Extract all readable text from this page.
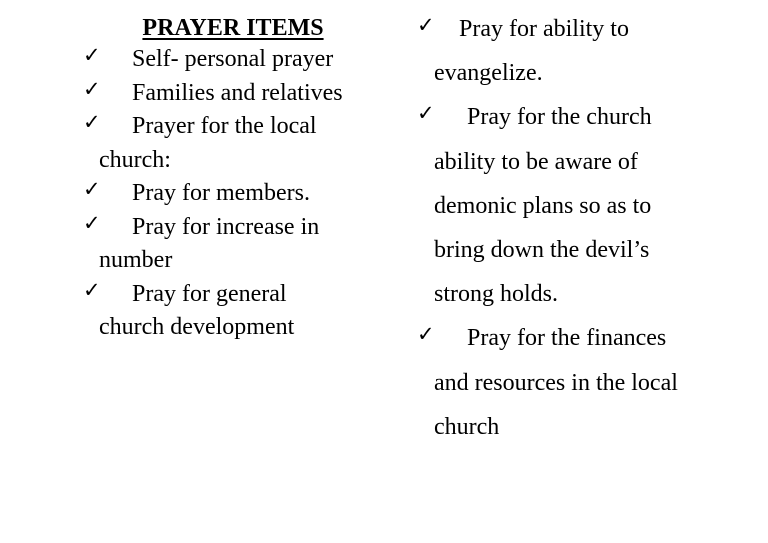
PRAYER ITEMS
✓ Self- personal prayer
✓ Families and relatives
✓ Prayer for the local church:
✓ Pray for members.
✓ Pray for increase in number
✓ Pray for general church development
✓ Pray for ability to evangelize.
✓ Pray for the church ability to be aware of demonic plans so as to bring down the devil’s strong holds.
✓ Pray for the finances and resources in the local church
